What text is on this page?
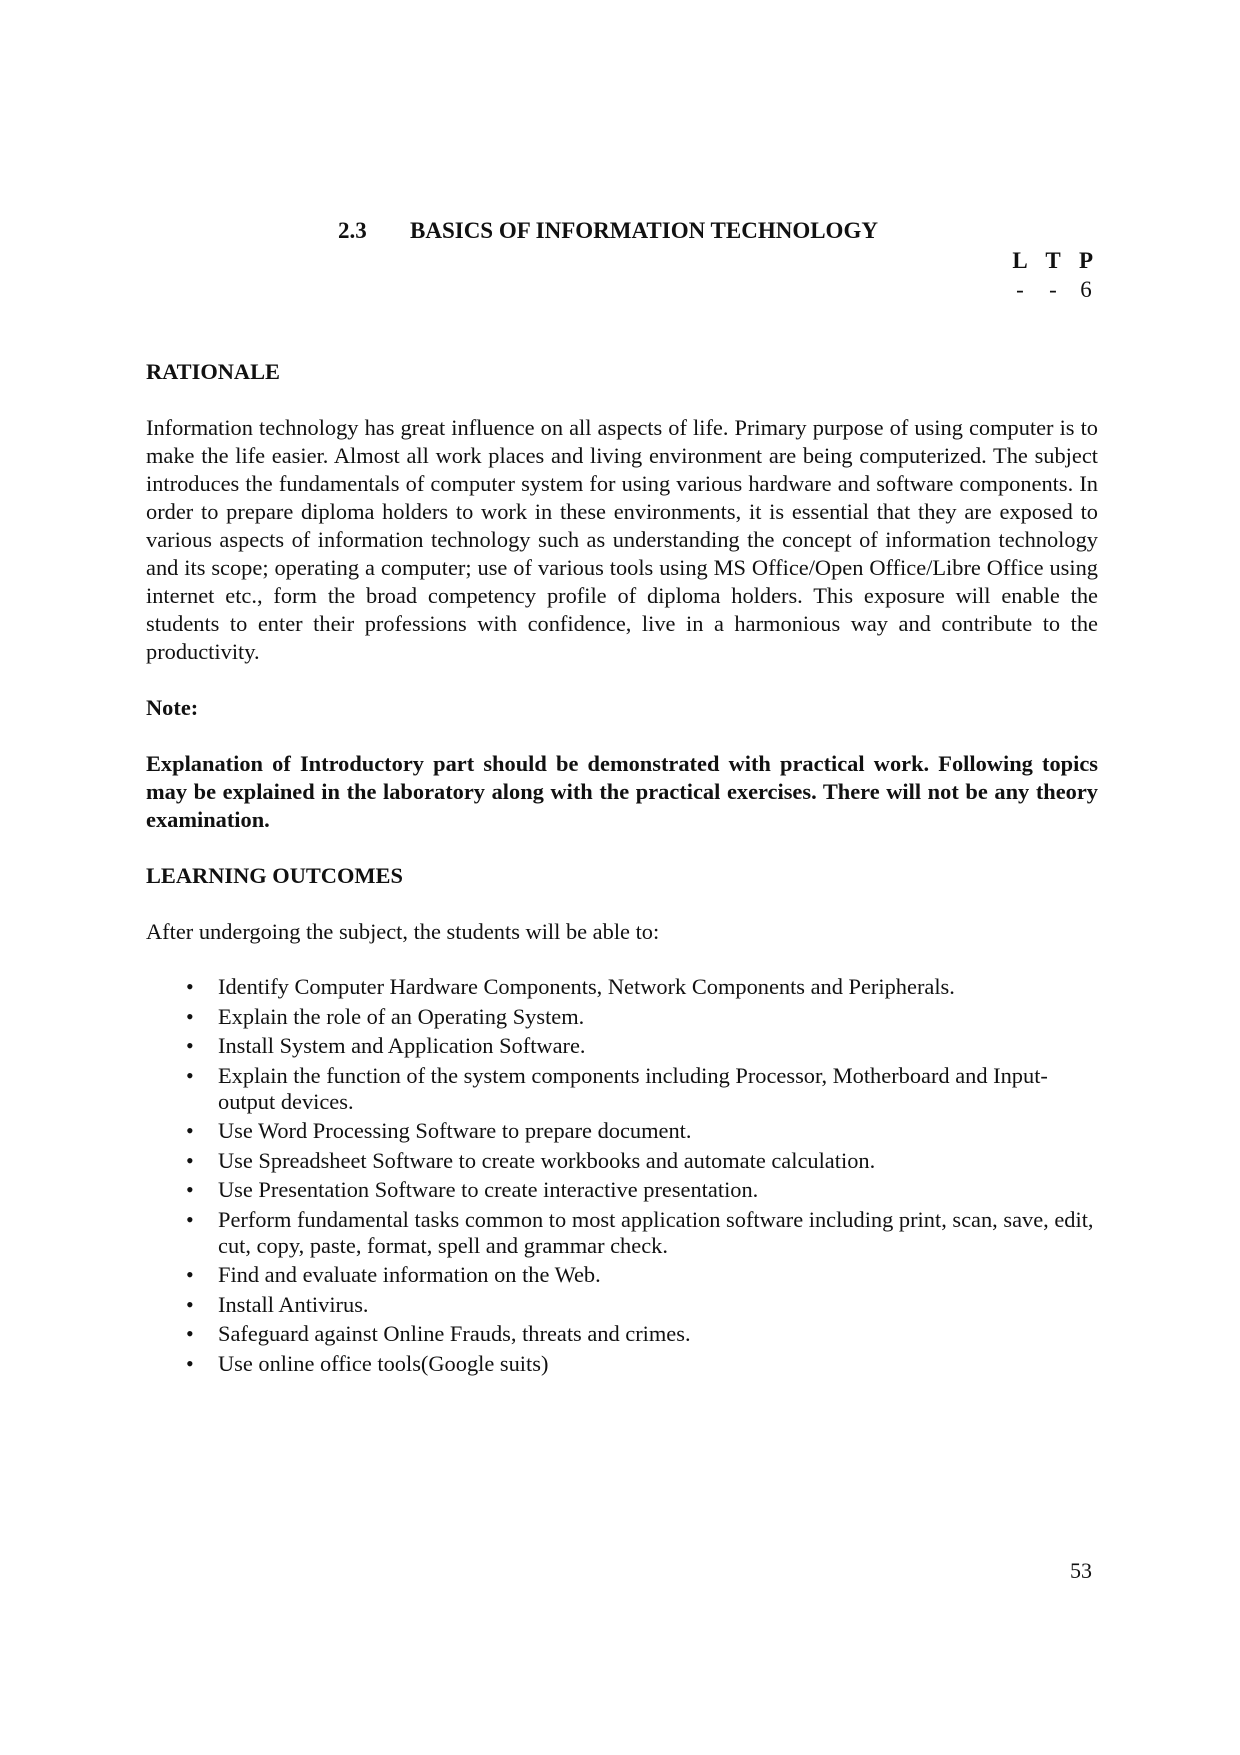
2.3 BASICS OF INFORMATION TECHNOLOGY
L T P
-	-	6

RATIONALE

Information technology has great influence on all aspects of life. Primary purpose of using computer is to make the life easier. Almost all work places and living environment are being computerized. The subject introduces the fundamentals of computer system for using various hardware and software components. In order to prepare diploma holders to work in these environments, it is essential that they are exposed to various aspects of information technology such as understanding the concept of information technology and its scope; operating a computer; use of various tools using MS Office/Open Office/Libre Office using internet etc., form the broad competency profile of diploma holders. This exposure will enable the students to enter their professions with confidence, live in a harmonious way and contribute to the productivity.

Note:

Explanation of Introductory part should be demonstrated with practical work. Following topics may be explained in the laboratory along with the practical exercises. There will not be any theory examination.

LEARNING OUTCOMES

After undergoing the subject, the students will be able to:

• Identify Computer Hardware Components, Network Components and Peripherals.
• Explain the role of an Operating System.
• Install System and Application Software.
• Explain the function of the system components including Processor, Motherboard and Input-output devices.
• Use Word Processing Software to prepare document.
• Use Spreadsheet Software to create workbooks and automate calculation.
• Use Presentation Software to create interactive presentation.
• Perform fundamental tasks common to most application software including print, scan, save, edit, cut, copy, paste, format, spell and grammar check.
• Find and evaluate information on the Web.
• Install Antivirus.
• Safeguard against Online Frauds, threats and crimes.
• Use online office tools(Google suits)
53
